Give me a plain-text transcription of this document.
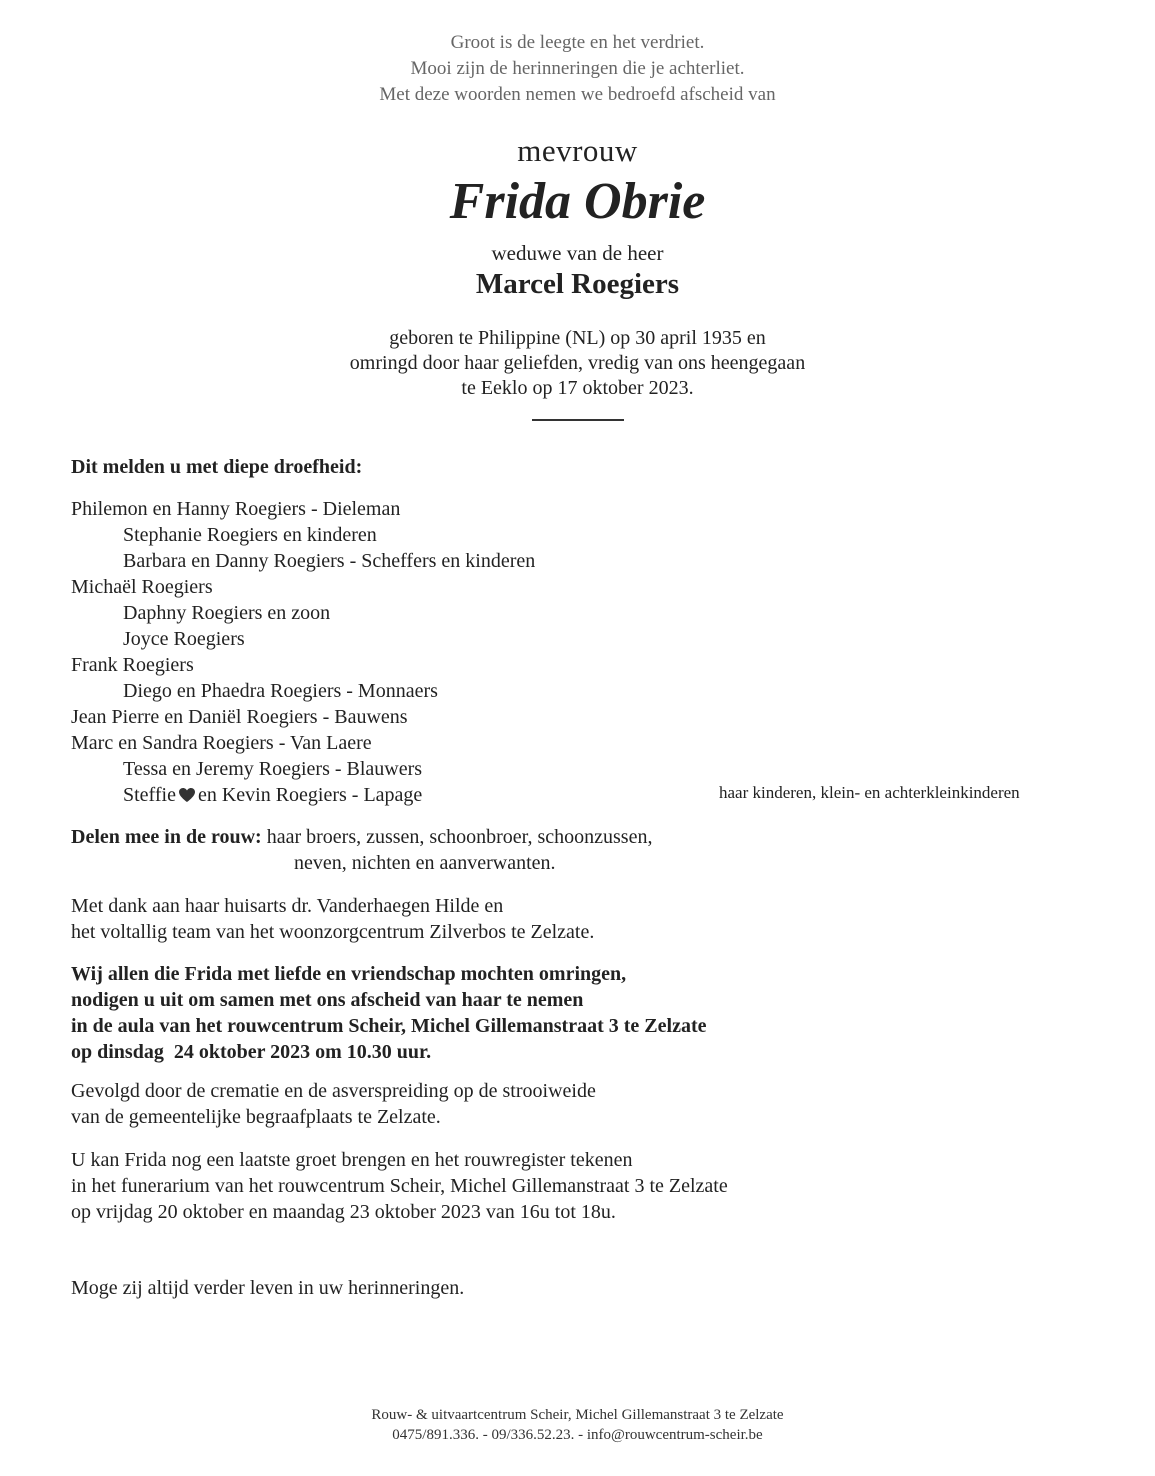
Groot is de leegte en het verdriet.
Mooi zijn de herinneringen die je achterliet.
Met deze woorden nemen we bedroefd afscheid van
mevrouw
Frida Obrie
weduwe van de heer
Marcel Roegiers
geboren te Philippine (NL) op 30 april 1935 en
omringd door haar geliefden, vredig van ons heengegaan
te Eeklo op 17 oktober 2023.
Dit melden u met diepe droefheid:
Philemon en Hanny Roegiers - Dieleman
Stephanie Roegiers en kinderen
Barbara en Danny Roegiers - Scheffers en kinderen
Michaël Roegiers
Daphny Roegiers en zoon
Joyce Roegiers
Frank Roegiers
Diego en Phaedra Roegiers - Monnaers
Jean Pierre en Daniël Roegiers - Bauwens
Marc en Sandra Roegiers - Van Laere
Tessa en Jeremy Roegiers - Blauwers
Steffie en Kevin Roegiers - Lapage	haar kinderen, klein- en achterkleinkinderen
Delen mee in de rouw: haar broers, zussen, schoonbroer, schoonzussen,
neven, nichten en aanverwanten.
Met dank aan haar huisarts dr. Vanderhaegen Hilde en
het voltallig team van het woonzorgcentrum Zilverbos te Zelzate.
Wij allen die Frida met liefde en vriendschap mochten omringen,
nodigen u uit om samen met ons afscheid van haar te nemen
in de aula van het rouwcentrum Scheir, Michel Gillemanstraat 3 te Zelzate
op dinsdag  24 oktober 2023 om 10.30 uur.
Gevolgd door de crematie en de asverspreiding op de strooiweide
van de gemeentelijke begraafplaats te Zelzate.
U kan Frida nog een laatste groet brengen en het rouwregister tekenen
in het funerarium van het rouwcentrum Scheir, Michel Gillemanstraat 3 te Zelzate
op vrijdag 20 oktober en maandag 23 oktober 2023 van 16u tot 18u.
Moge zij altijd verder leven in uw herinneringen.
Rouw- & uitvaartcentrum Scheir, Michel Gillemanstraat 3 te Zelzate
0475/891.336. - 09/336.52.23. - info@rouwcentrum-scheir.be
